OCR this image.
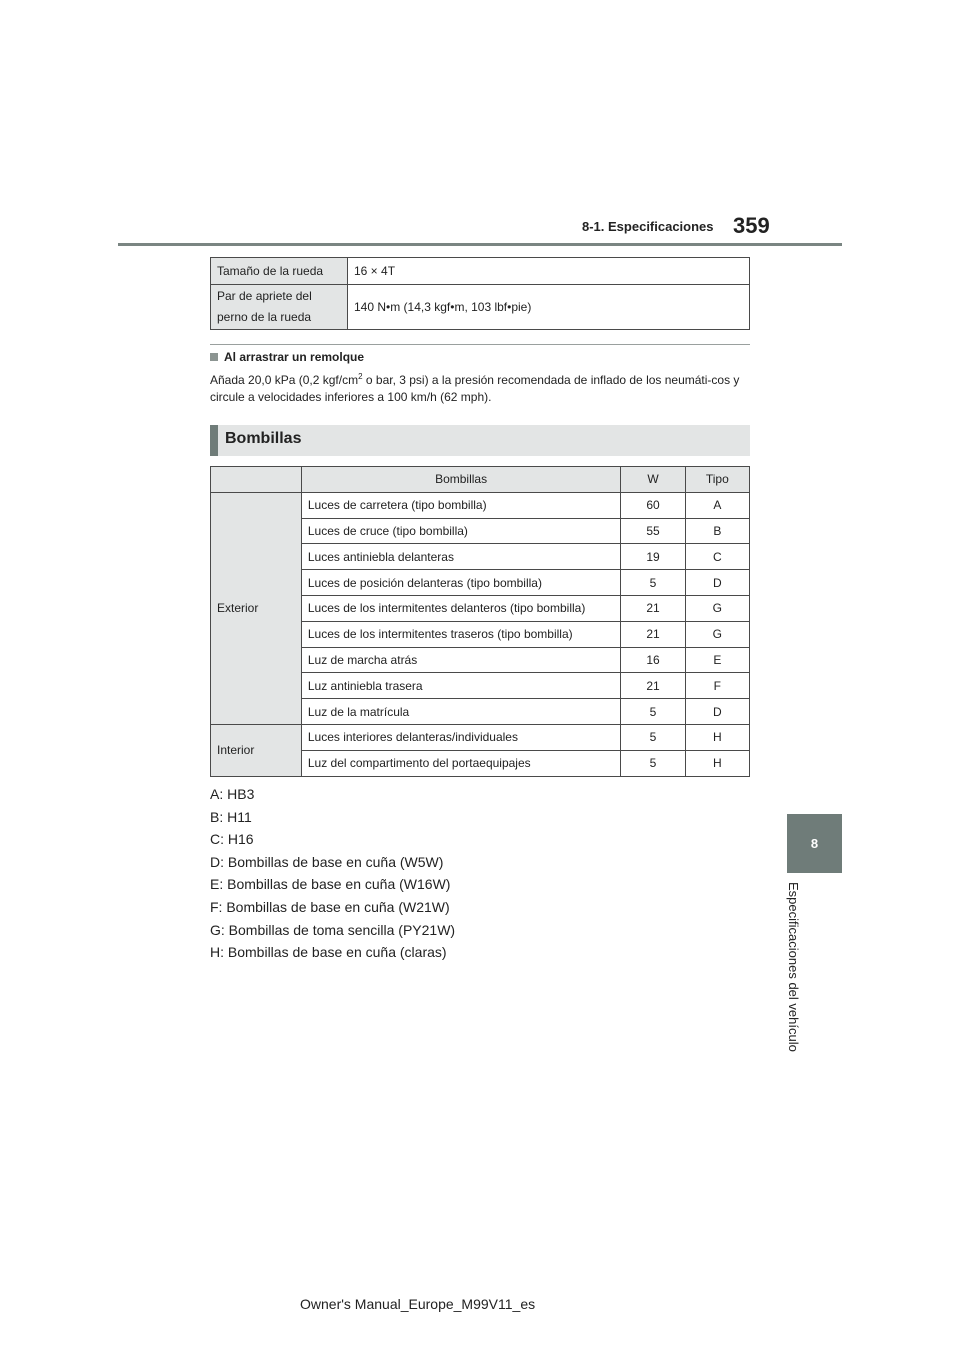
8-1. Especificaciones 359
8
Especificaciones del vehículo
Tamaño de la rueda	16 × 4T

Par de apriete del
perno de la rueda	140 N•m (14,3 kgf•m, 103 lbf•pie)
Al arrastrar un remolque
Añada 20,0 kPa (0,2 kgf/$cm^2$ o bar, 3 psi) a la presión recomendada de inflado de los neumáti-cos y circule a velocidades inferiores a 100 km/h (62 mph).
Bombillas
	Bombillas	W	Tipo
Exterior	Luces de carretera (tipo bombilla)	60	A
	Luces de cruce (tipo bombilla)	55	B
	Luces antiniebla delanteras	19	C
	Luces de posición delanteras (tipo bombilla)	5	D
	Luces de los intermitentes delanteros (tipo bombilla)	21	G
	Luces de los intermitentes traseros (tipo bombilla)	21	G
	Luz de marcha atrás	16	E
	Luz antiniebla trasera	21	F
	Luz de la matrícula	5	D
Interior	Luces interiores delanteras/individuales	5	H
	Luz del compartimento del portaequipajes	5	H
A: HB3
B: H11
C: H16
D: Bombillas de base en cuña (W5W)
E: Bombillas de base en cuña (W16W)
F: Bombillas de base en cuña (W21W)
G: Bombillas de toma sencilla (PY21W)
H: Bombillas de base en cuña (claras)
Owner's Manual_Europe_M99V11_es
